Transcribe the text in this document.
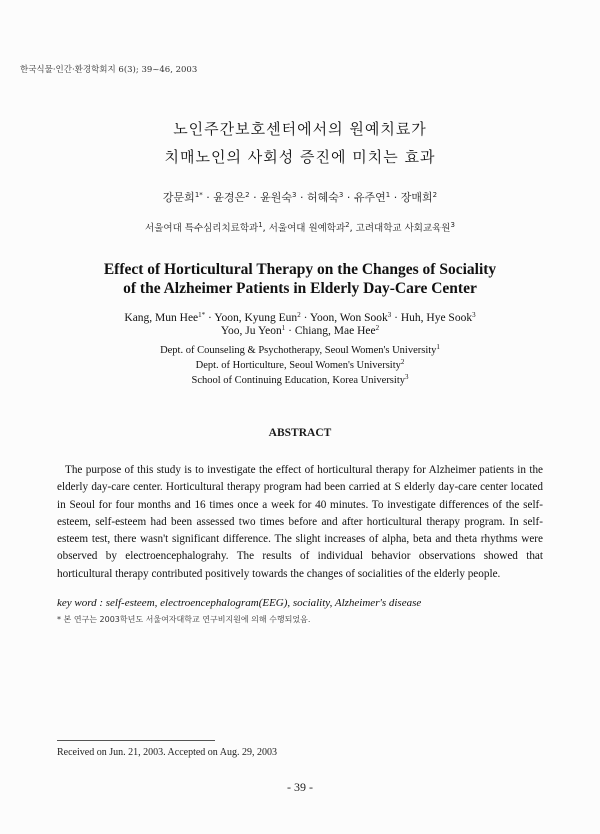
한국식물·인간·환경학회지 6(3); 39~46, 2003
노인주간보호센터에서의 원예치료가
치매노인의 사회성 증진에 미치는 효과
강문희$^{1*}$ · 윤경은$^2$ · 윤원숙$^3$ · 허혜숙$^3$ · 유주연$^1$ · 장매희$^2$
서울여대 특수심리치료학과$^1$, 서울여대 원예학과$^2$, 고려대학교 사회교육원$^3$
Effect of Horticultural Therapy on the Changes of Sociality
of the Alzheimer Patients in Elderly Day-Care Center
Kang, Mun Hee$^{1*}$ · Yoon, Kyung Eun$^2$ · Yoon, Won Sook$^3$ · Huh, Hye Sook$^3$
Yoo, Ju Yeon$^1$ · Chiang, Mae Hee$^2$
Dept. of Counseling & Psychotherapy, Seoul Women's University$^1$
Dept. of Horticulture, Seoul Women's University$^2$
School of Continuing Education, Korea University$^3$
ABSTRACT

The purpose of this study is to investigate the effect of horticultural therapy for Alzheimer patients in the elderly day-care center. Horticultural therapy program had been carried at S elderly day-care center located in Seoul for four months and 16 times once a week for 40 minutes. To investigate differences of the self-esteem, self-esteem had been assessed two times before and after horticultural therapy program. In self-esteem test, there wasn't significant difference. The slight increases of alpha, beta and theta rhythms were observed by electroencephalograhy. The results of individual behavior observations showed that horticultural therapy contributed positively towards the changes of socialities of the elderly people.

key word : self-esteem, electroencephalogram(EEG), sociality, Alzheimer's disease
* 본 연구는 2003학년도 서울여자대학교 연구비지원에 의해 수행되었음.
Received on Jun. 21, 2003. Accepted on Aug. 29, 2003
- 39 -
